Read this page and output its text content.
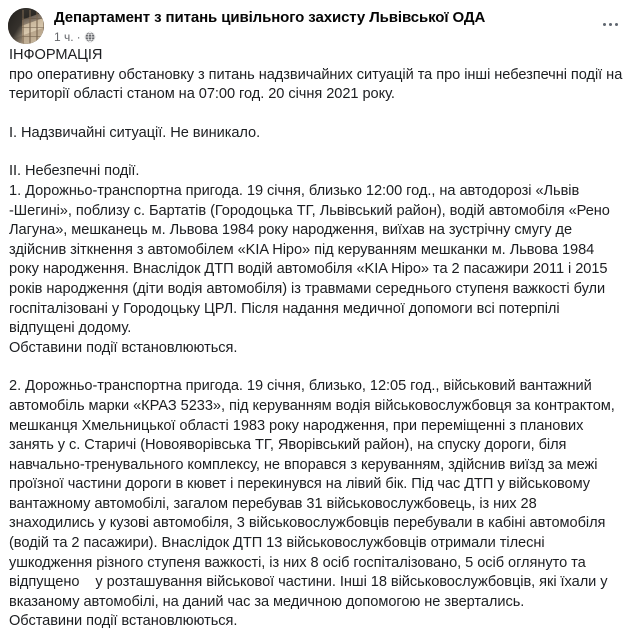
Департамент з питань цивільного захисту Львівської ОДА
1 ч. ·

ІНФОРМАЦІЯ

про оперативну обстановку з питань надзвичайних ситуацій та про інші небезпечні події на території області станом на 07:00 год. 20 січня 2021 року.

I. Надзвичайні ситуації. Не виникало.

II. Небезпечні події.

1. Дорожньо-транспортна пригода. 19 січня, близько 12:00 год., на автодорозі «Львів -Шегині», поблизу с. Бартатів (Городоцька ТГ, Львівський район), водій автомобіля «Рено Лагуна», мешканець м. Львова 1984 року народження, виїхав на зустрічну смугу де здійснив зіткнення з автомобілем «KIA Hipo» під керуванням мешканки м. Львова 1984 року народження. Внаслідок ДТП водій автомобіля «KIA Hipo» та 2 пасажири 2011 і 2015 років народження (діти водія автомобіля) із травмами середнього ступеня важкості були госпіталізовані у Городоцьку ЦРЛ. Після надання медичної допомоги всі потерпілі відпущені додому.

Обставини події встановлюються.

2. Дорожньо-транспортна пригода. 19 січня, близько, 12:05 год., військовий вантажний автомобіль марки «КРАЗ 5233», під керуванням водія військовослужбовця за контрактом, мешканця Хмельницької області 1983 року народження, при переміщенні з планових занять у с. Старичі (Новояворівська ТГ, Яворівський район), на спуску дороги, біля навчально-тренувального комплексу, не впорався з керуванням, здійснив виїзд за межі проїзної частини дороги в кювет і перекинувся на лівий бік. Під час ДТП у військовому вантажному автомобілі, загалом перебував 31 військовослужбовець, із них 28 знаходились у кузові автомобіля, 3 військовослужбовців перебували в кабіні автомобіля (водій та 2 пасажири). Внаслідок ДТП 13 військовослужбовців отримали тілесні ушкодження різного ступеня важкості, із них 8 осіб госпіталізовано, 5 осіб оглянуто та відпущено    у розташування військової частини. Інші 18 військовослужбовців, які їхали у вказаному автомобілі, на даний час за медичною допомогою не звертались.

Обставини події встановлюються.
